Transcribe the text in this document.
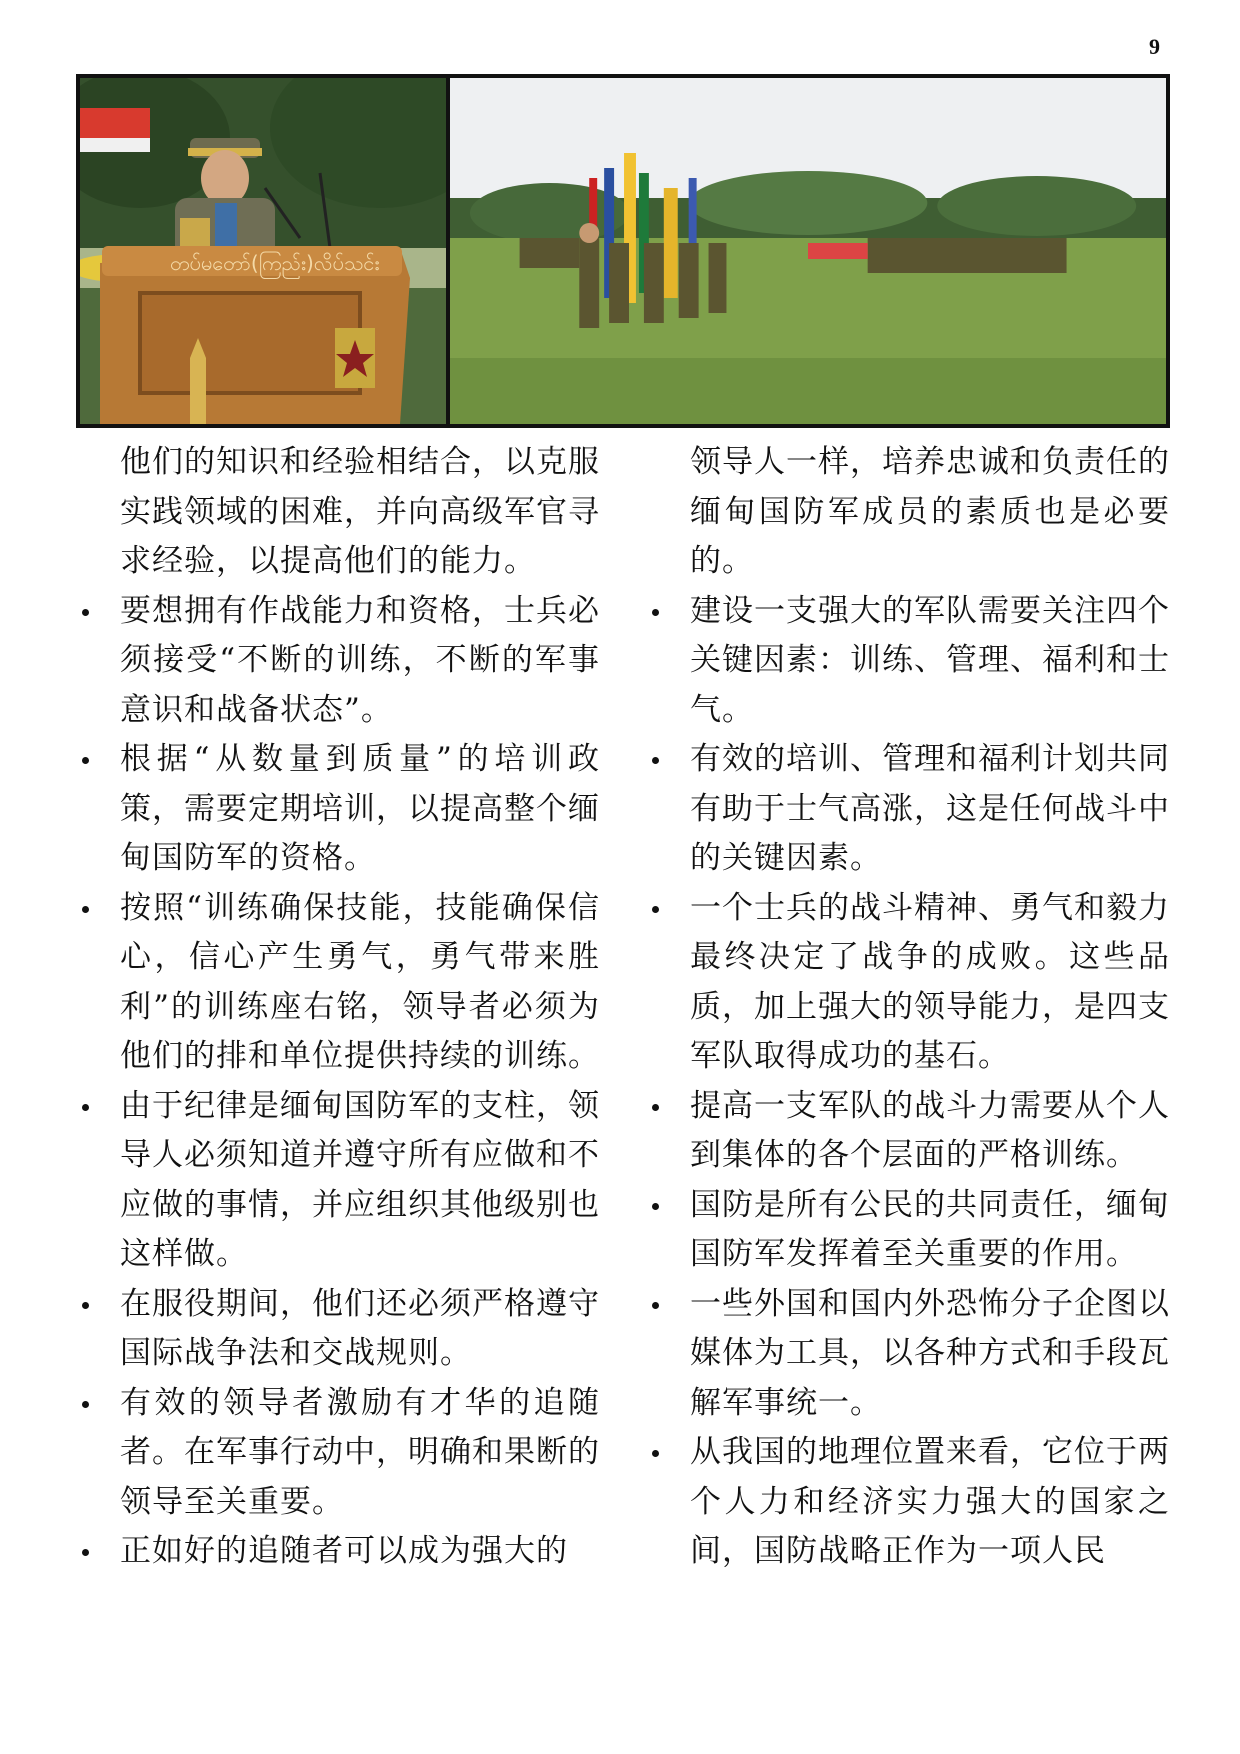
9
တပ်မတော်(ကြည်း)လိပ်သင်း

他们的知识和经验相结合，以克服实践领域的困难，并向高级军官寻求经验，以提高他们的能力。

要想拥有作战能力和资格，士兵必须接受“不断的训练，不断的军事意识和战备状态”。
根据“从数量到质量”的培训政策，需要定期培训，以提高整个缅甸国防军的资格。
按照“训练确保技能，技能确保信心，信心产生勇气，勇气带来胜利”的训练座右铭，领导者必须为他们的排和单位提供持续的训练。
由于纪律是缅甸国防军的支柱，领导人必须知道并遵守所有应做和不应做的事情，并应组织其他级别也这样做。
在服役期间，他们还必须严格遵守国际战争法和交战规则。
有效的领导者激励有才华的追随者。在军事行动中，明确和果断的领导至关重要。
正如好的追随者可以成为强大的

领导人一样，培养忠诚和负责任的缅甸国防军成员的素质也是必要的。

建设一支强大的军队需要关注四个关键因素：训练、管理、福利和士气。
有效的培训、管理和福利计划共同有助于士气高涨，这是任何战斗中的关键因素。
一个士兵的战斗精神、勇气和毅力最终决定了战争的成败。这些品质，加上强大的领导能力，是四支军队取得成功的基石。
提高一支军队的战斗力需要从个人到集体的各个层面的严格训练。
国防是所有公民的共同责任，缅甸国防军发挥着至关重要的作用。
一些外国和国内外恐怖分子企图以媒体为工具，以各种方式和手段瓦解军事统一。
从我国的地理位置来看，它位于两个人力和经济实力强大的国家之间，国防战略正作为一项人民
